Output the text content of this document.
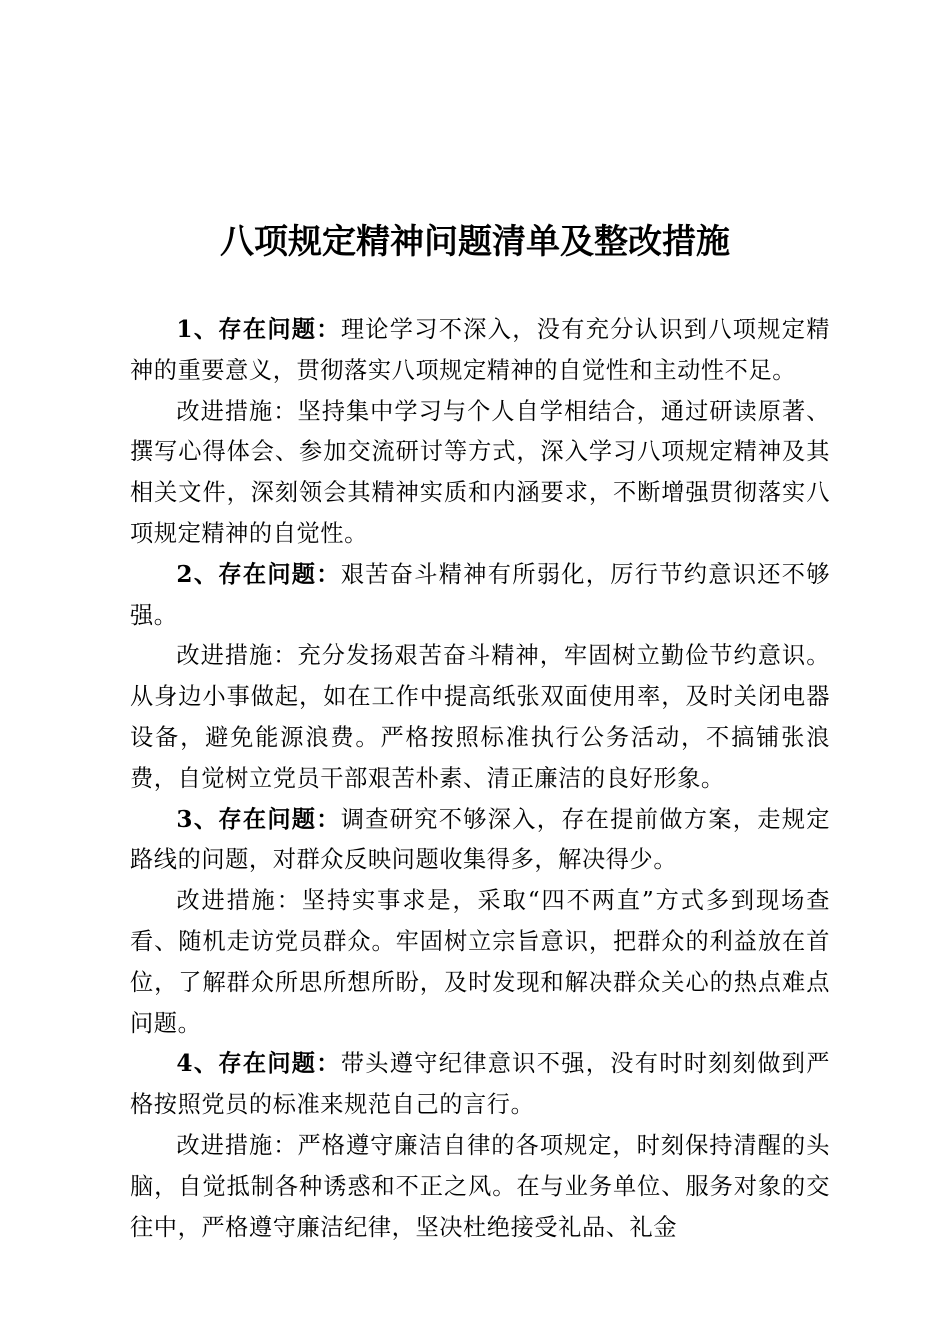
八项规定精神问题清单及整改措施

1、存在问题：理论学习不深入，没有充分认识到八项规定精神的重要意义，贯彻落实八项规定精神的自觉性和主动性不足。

改进措施：坚持集中学习与个人自学相结合，通过研读原著、撰写心得体会、参加交流研讨等方式，深入学习八项规定精神及其相关文件，深刻领会其精神实质和内涵要求，不断增强贯彻落实八项规定精神的自觉性。

2、存在问题：艰苦奋斗精神有所弱化，厉行节约意识还不够强。

改进措施：充分发扬艰苦奋斗精神，牢固树立勤俭节约意识。从身边小事做起，如在工作中提高纸张双面使用率，及时关闭电器设备，避免能源浪费。严格按照标准执行公务活动，不搞铺张浪费，自觉树立党员干部艰苦朴素、清正廉洁的良好形象。

3、存在问题：调查研究不够深入，存在提前做方案，走规定路线的问题，对群众反映问题收集得多，解决得少。

改进措施：坚持实事求是，采取“四不两直”方式多到现场查看、随机走访党员群众。牢固树立宗旨意识，把群众的利益放在首位，了解群众所思所想所盼，及时发现和解决群众关心的热点难点问题。

4、存在问题：带头遵守纪律意识不强，没有时时刻刻做到严格按照党员的标准来规范自己的言行。

改进措施：严格遵守廉洁自律的各项规定，时刻保持清醒的头脑，自觉抵制各种诱惑和不正之风。在与业务单位、服务对象的交往中，严格遵守廉洁纪律，坚决杜绝接受礼品、礼金
